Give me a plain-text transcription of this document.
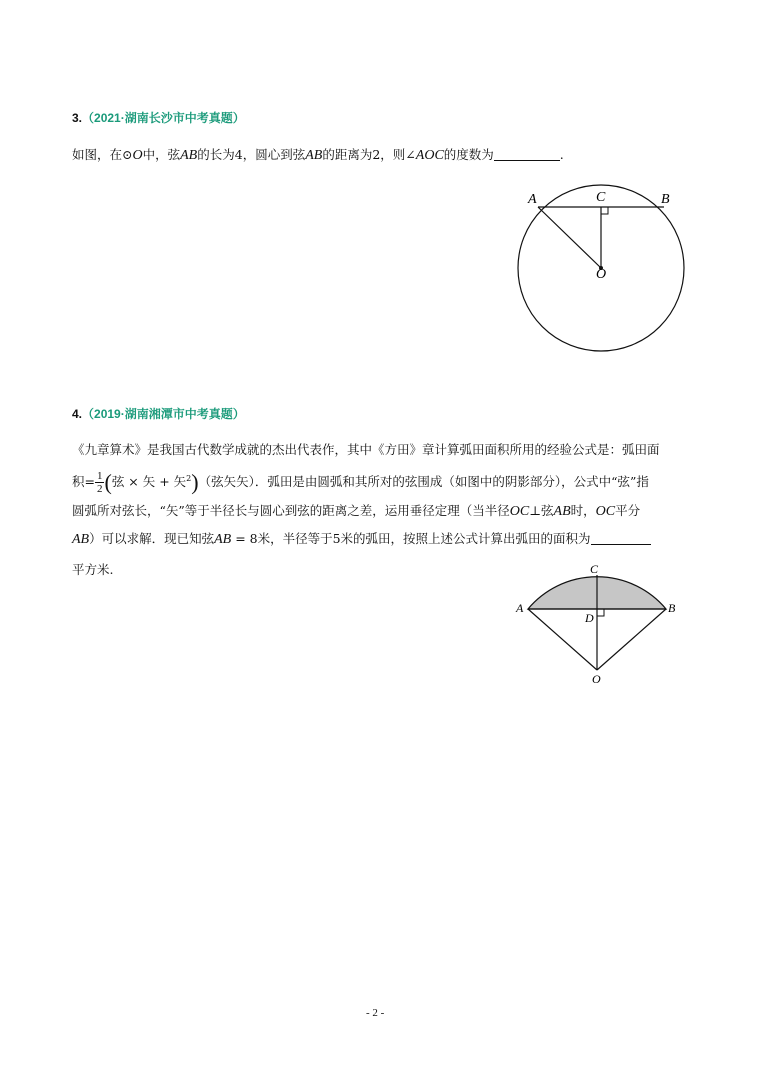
3.（2021·湖南长沙市中考真题）
如图，在⊙O中，弦AB的长为4，圆心到弦AB的距离为2，则∠AOC的度数为	.
A	C	B
O
4.（2019·湖南湘潭市中考真题）
《九章算术》是我国古代数学成就的杰出代表作，其中《方田》章计算弧田面积所用的经验公式是：弧田面
积= $\frac{1}{2}$ (弦 × 矢 + 矢$^2$)（弦矢矢）．弧田是由圆弧和其所对的弦围成（如图中的阴影部分），公式中“弦”指
圆弧所对弦长，“矢”等于半径长与圆心到弦的距离之差，运用垂径定理（当半径OC⊥弦AB时，OC平分
AB）可以求解．现已知弦AB = 8米，半径等于5米的弧田，按照上述公式计算出弧田的面积为
平方米.
A
C
B
D
O
- 2 -
